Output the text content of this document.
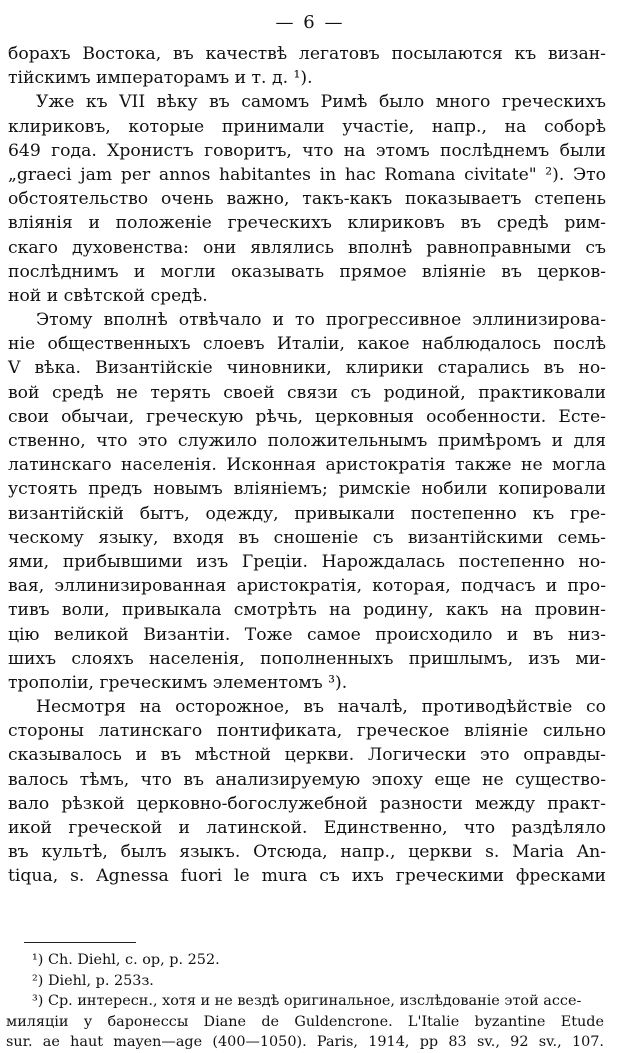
— 6 —
борахъ Востока, въ качествѣ легатовъ посылаются къ визан-
тійскимъ императорамъ и т. д. ¹).
Уже къ VII вѣку въ самомъ Римѣ было много греческихъ
клириковъ, которые принимали участіе, напр., на соборѣ
649 года. Хронистъ говоритъ, что на этомъ послѣднемъ были
„graeci jam per annos habitantes in hac Romana civitate" ²). Это
обстоятельство очень важно, такъ-какъ показываетъ степень
вліянія и положеніе греческихъ клириковъ въ средѣ рим-
скаго духовенства: они являлись вполнѣ равноправными съ
послѣднимъ и могли оказывать прямое вліяніе въ церков-
ной и свѣтской средѣ.
Этому вполнѣ отвѣчало и то прогрессивное эллинизирова-
ніе общественныхъ слоевъ Италіи, какое наблюдалось послѣ
V вѣка. Византійскіе чиновники, клирики старались въ но-
вой средѣ не терять своей связи съ родиной, практиковали
свои обычаи, греческую рѣчь, церковныя особенности. Есте-
ственно, что это служило положительнымъ примѣромъ и для
латинскаго населенія. Исконная аристократія также не могла
устоять предъ новымъ вліяніемъ; римскіе нобили копировали
византійскій бытъ, одежду, привыкали постепенно къ гре-
ческому языку, входя въ сношеніе съ византійскими семь-
ями, прибывшими изъ Греціи. Нарождалась постепенно но-
вая, эллинизированная аристократія, которая, подчасъ и про-
тивъ воли, привыкала смотрѣть на родину, какъ на провин-
цію великой Византіи. Тоже самое происходило и въ низ-
шихъ слояхъ населенія, пополненныхъ пришлымъ, изъ ми-
трополіи, греческимъ элементомъ ³).
Несмотря на осторожное, въ началѣ, противодѣйствіе со
стороны латинскаго понтификата, греческое вліяніе сильно
сказывалось и въ мѣстной церкви. Логически это оправды-
валось тѣмъ, что въ анализируемую эпоху еще не существо-
вало рѣзкой церковно-богослужебной разности между практ-
икой греческой и латинской. Единственно, что раздѣляло
въ культѣ, былъ языкъ. Отсюда, напр., церкви s. Maria An-
tiqua, s. Agnessa fuori le mura съ ихъ греческими фресками
¹) Ch. Diehl, c. op, p. 252.
²) Diehl, p. 253з.
³) Ср. интересн., хотя и не вездѣ оригинальное, изслѣдованіе этой ассе-
миляціи у баронессы Diane de Guldencrone. L'Italie byzantine Etude
sur. ae haut mayen—age (400—1050). Paris, 1914, pp 83 sv., 92 sv., 107.
